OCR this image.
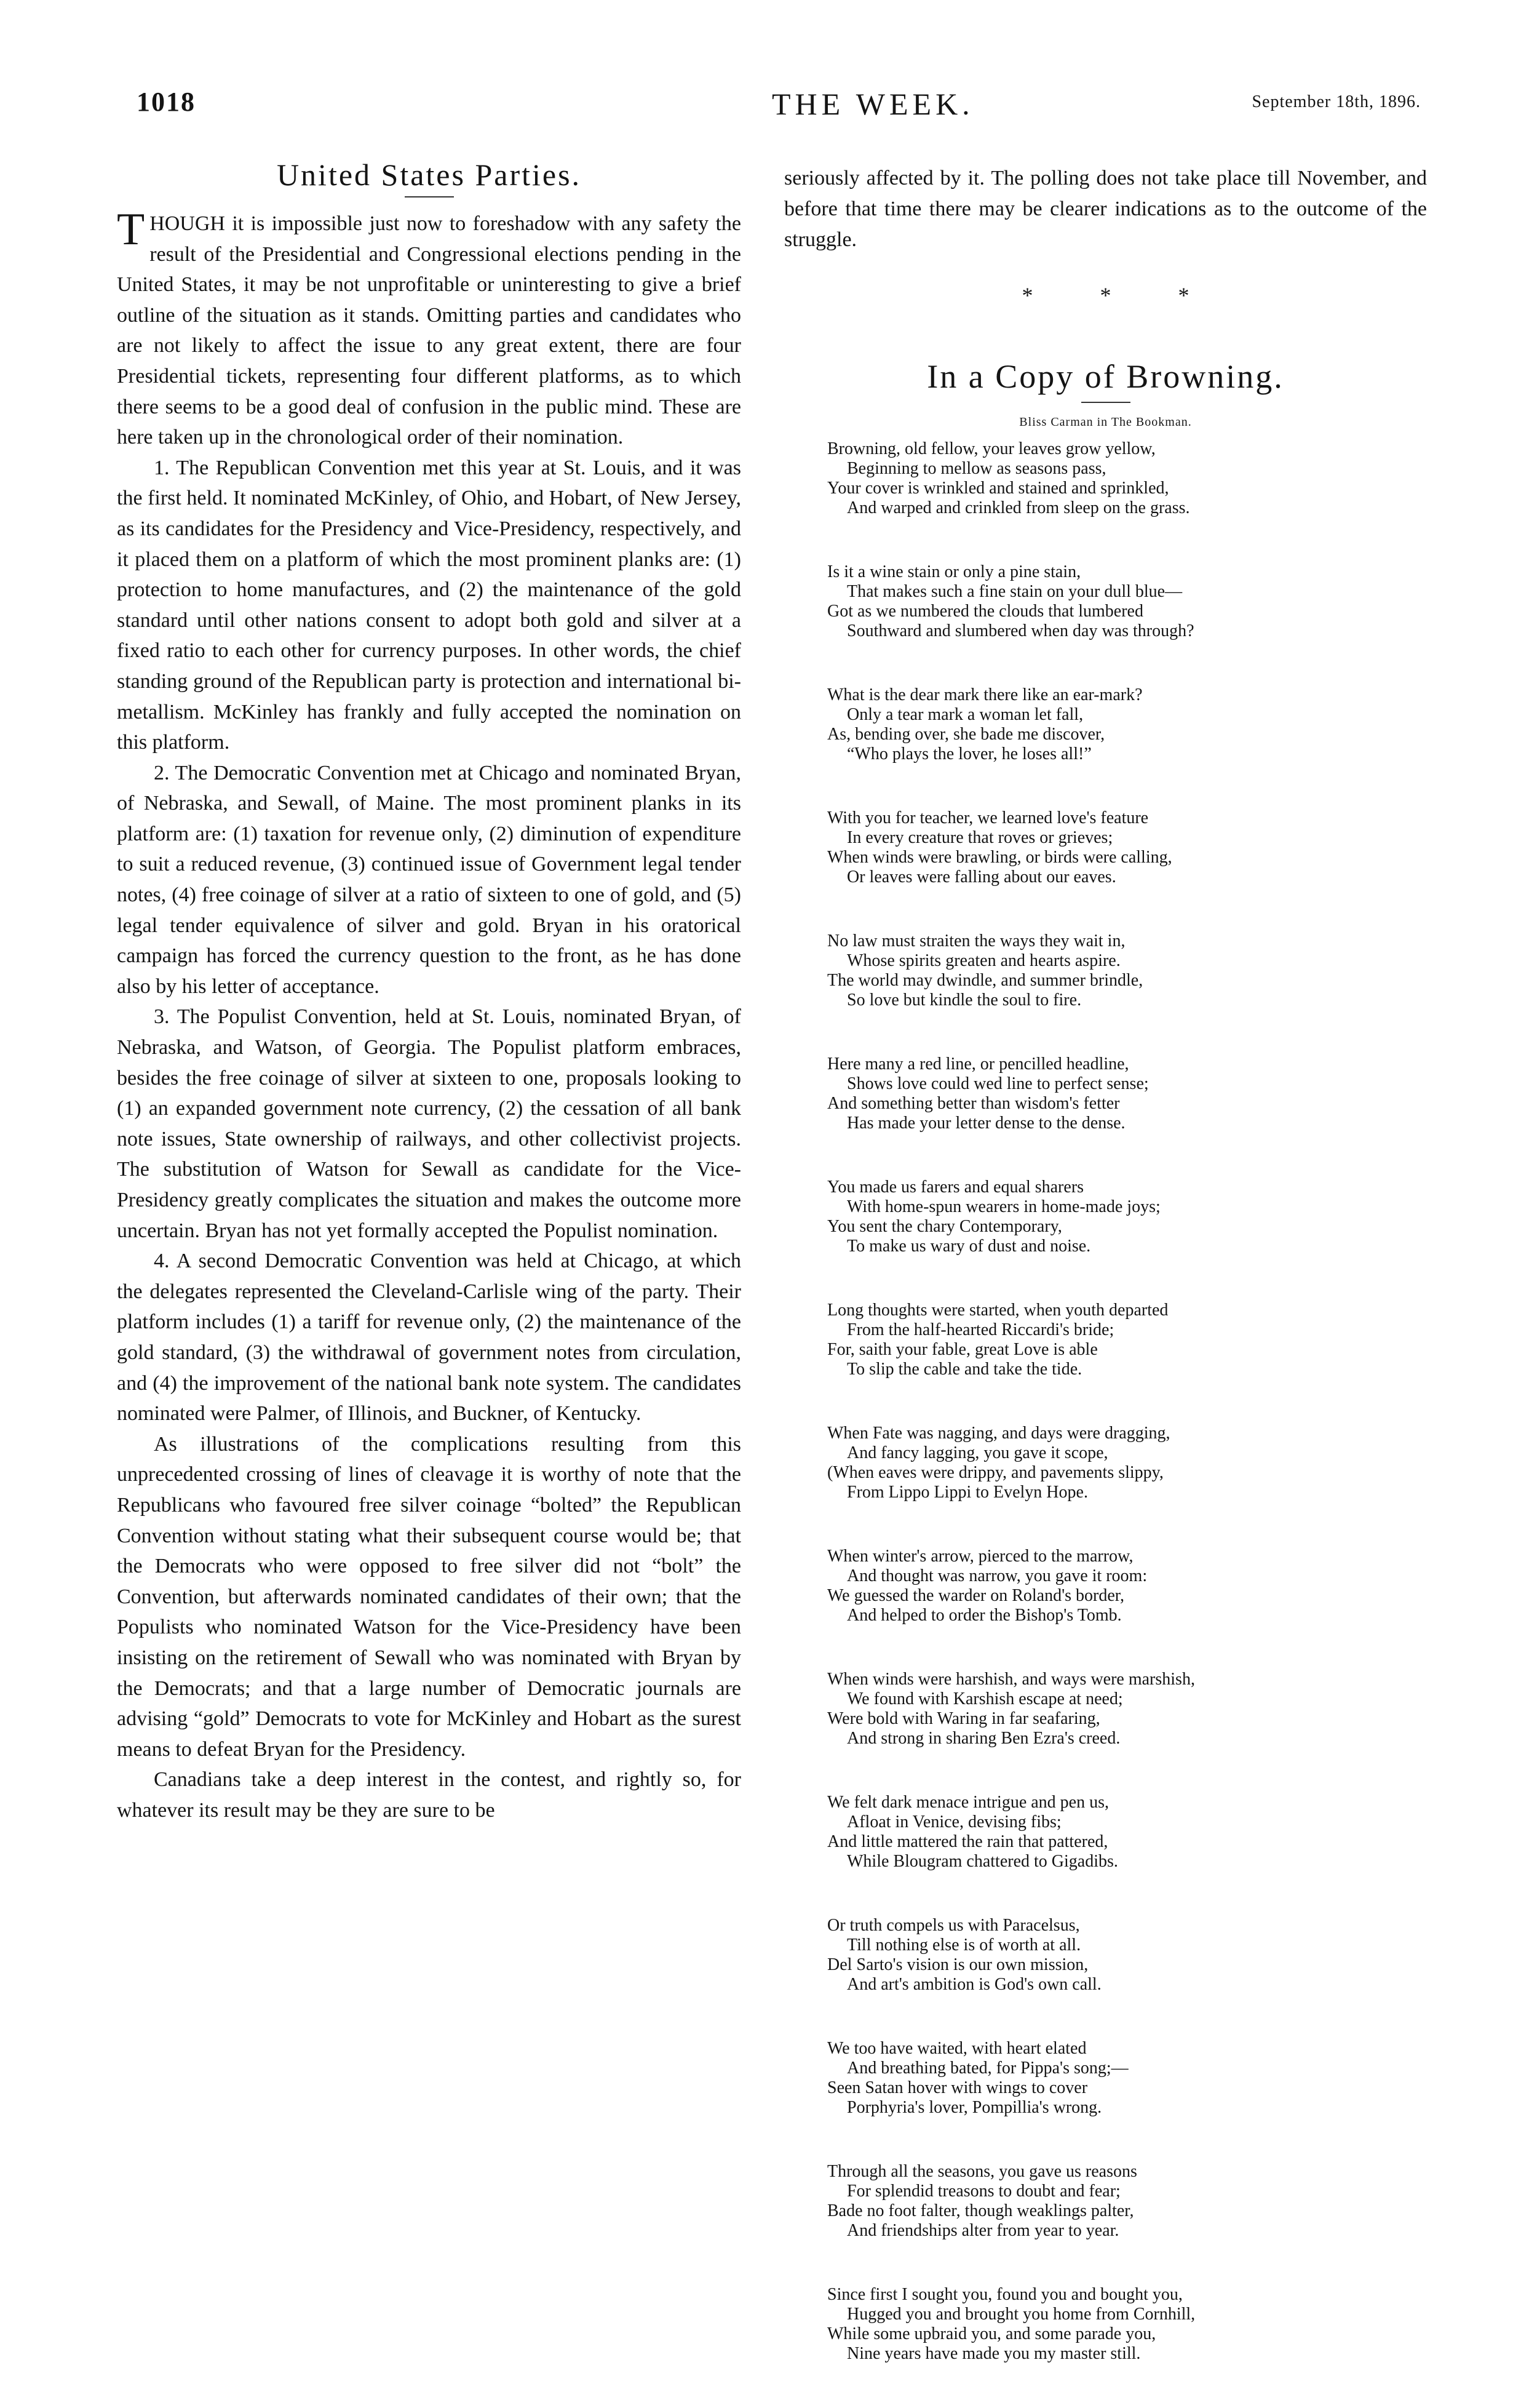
1018	THE WEEK.	September 18th, 1896.
United States Parties.

THOUGH it is impossible just now to foreshadow with any safety the result of the Presidential and Congressional elections pending in the United States, it may be not unprofitable or uninteresting to give a brief outline of the situation as it stands. Omitting parties and candidates who are not likely to affect the issue to any great extent, there are four Presidential tickets, representing four different platforms, as to which there seems to be a good deal of confusion in the public mind. These are here taken up in the chronological order of their nomination.

1. The Republican Convention met this year at St. Louis, and it was the first held. It nominated McKinley, of Ohio, and Hobart, of New Jersey, as its candidates for the Presidency and Vice-Presidency, respectively, and it placed them on a platform of which the most prominent planks are: (1) protection to home manufactures, and (2) the maintenance of the gold standard until other nations consent to adopt both gold and silver at a fixed ratio to each other for currency purposes. In other words, the chief standing ground of the Republican party is protection and international bi-metallism. McKinley has frankly and fully accepted the nomination on this platform.

2. The Democratic Convention met at Chicago and nominated Bryan, of Nebraska, and Sewall, of Maine. The most prominent planks in its platform are: (1) taxation for revenue only, (2) diminution of expenditure to suit a reduced revenue, (3) continued issue of Government legal tender notes, (4) free coinage of silver at a ratio of sixteen to one of gold, and (5) legal tender equivalence of silver and gold. Bryan in his oratorical campaign has forced the currency question to the front, as he has done also by his letter of acceptance.

3. The Populist Convention, held at St. Louis, nominated Bryan, of Nebraska, and Watson, of Georgia. The Populist platform embraces, besides the free coinage of silver at sixteen to one, proposals looking to (1) an expanded government note currency, (2) the cessation of all bank note issues, State ownership of railways, and other collectivist projects. The substitution of Watson for Sewall as candidate for the Vice-Presidency greatly complicates the situation and makes the outcome more uncertain. Bryan has not yet formally accepted the Populist nomination.

4. A second Democratic Convention was held at Chicago, at which the delegates represented the Cleveland-Carlisle wing of the party. Their platform includes (1) a tariff for revenue only, (2) the maintenance of the gold standard, (3) the withdrawal of government notes from circulation, and (4) the improvement of the national bank note system. The candidates nominated were Palmer, of Illinois, and Buckner, of Kentucky.

As illustrations of the complications resulting from this unprecedented crossing of lines of cleavage it is worthy of note that the Republicans who favoured free silver coinage “bolted” the Republican Convention without stating what their subsequent course would be; that the Democrats who were opposed to free silver did not “bolt” the Convention, but afterwards nominated candidates of their own; that the Populists who nominated Watson for the Vice-Presidency have been insisting on the retirement of Sewall who was nominated with Bryan by the Democrats; and that a large number of Democratic journals are advising “gold” Democrats to vote for McKinley and Hobart as the surest means to defeat Bryan for the Presidency.

Canadians take a deep interest in the contest, and rightly so, for whatever its result may be they are sure to be

seriously affected by it. The polling does not take place till November, and before that time there may be clearer indications as to the outcome of the struggle.

* * *
In a Copy of Browning.
Bliss Carman in The Bookman.
Browning, old fellow, your leaves grow yellow,
Beginning to mellow as seasons pass,
Your cover is wrinkled and stained and sprinkled,
And warped and crinkled from sleep on the grass.
Is it a wine stain or only a pine stain,
That makes such a fine stain on your dull blue—
Got as we numbered the clouds that lumbered
Southward and slumbered when day was through?
What is the dear mark there like an ear-mark?
Only a tear mark a woman let fall,
As, bending over, she bade me discover,
“Who plays the lover, he loses all!”
With you for teacher, we learned love's feature
In every creature that roves or grieves;
When winds were brawling, or birds were calling,
Or leaves were falling about our eaves.
No law must straiten the ways they wait in,
Whose spirits greaten and hearts aspire.
The world may dwindle, and summer brindle,
So love but kindle the soul to fire.
Here many a red line, or pencilled headline,
Shows love could wed line to perfect sense;
And something better than wisdom's fetter
Has made your letter dense to the dense.
You made us farers and equal sharers
With home-spun wearers in home-made joys;
You sent the chary Contemporary,
To make us wary of dust and noise.
Long thoughts were started, when youth departed
From the half-hearted Riccardi's bride;
For, saith your fable, great Love is able
To slip the cable and take the tide.
When Fate was nagging, and days were dragging,
And fancy lagging, you gave it scope,
(When eaves were drippy, and pavements slippy,
From Lippo Lippi to Evelyn Hope.
When winter's arrow, pierced to the marrow,
And thought was narrow, you gave it room:
We guessed the warder on Roland's border,
And helped to order the Bishop's Tomb.
When winds were harshish, and ways were marshish,
We found with Karshish escape at need;
Were bold with Waring in far seafaring,
And strong in sharing Ben Ezra's creed.
We felt dark menace intrigue and pen us,
Afloat in Venice, devising fibs;
And little mattered the rain that pattered,
While Blougram chattered to Gigadibs.
Or truth compels us with Paracelsus,
Till nothing else is of worth at all.
Del Sarto's vision is our own mission,
And art's ambition is God's own call.
We too have waited, with heart elated
And breathing bated, for Pippa's song;—
Seen Satan hover with wings to cover
Porphyria's lover, Pompillia's wrong.
Through all the seasons, you gave us reasons
For splendid treasons to doubt and fear;
Bade no foot falter, though weaklings palter,
And friendships alter from year to year.
Since first I sought you, found you and bought you,
Hugged you and brought you home from Cornhill,
While some upbraid you, and some parade you,
Nine years have made you my master still.
